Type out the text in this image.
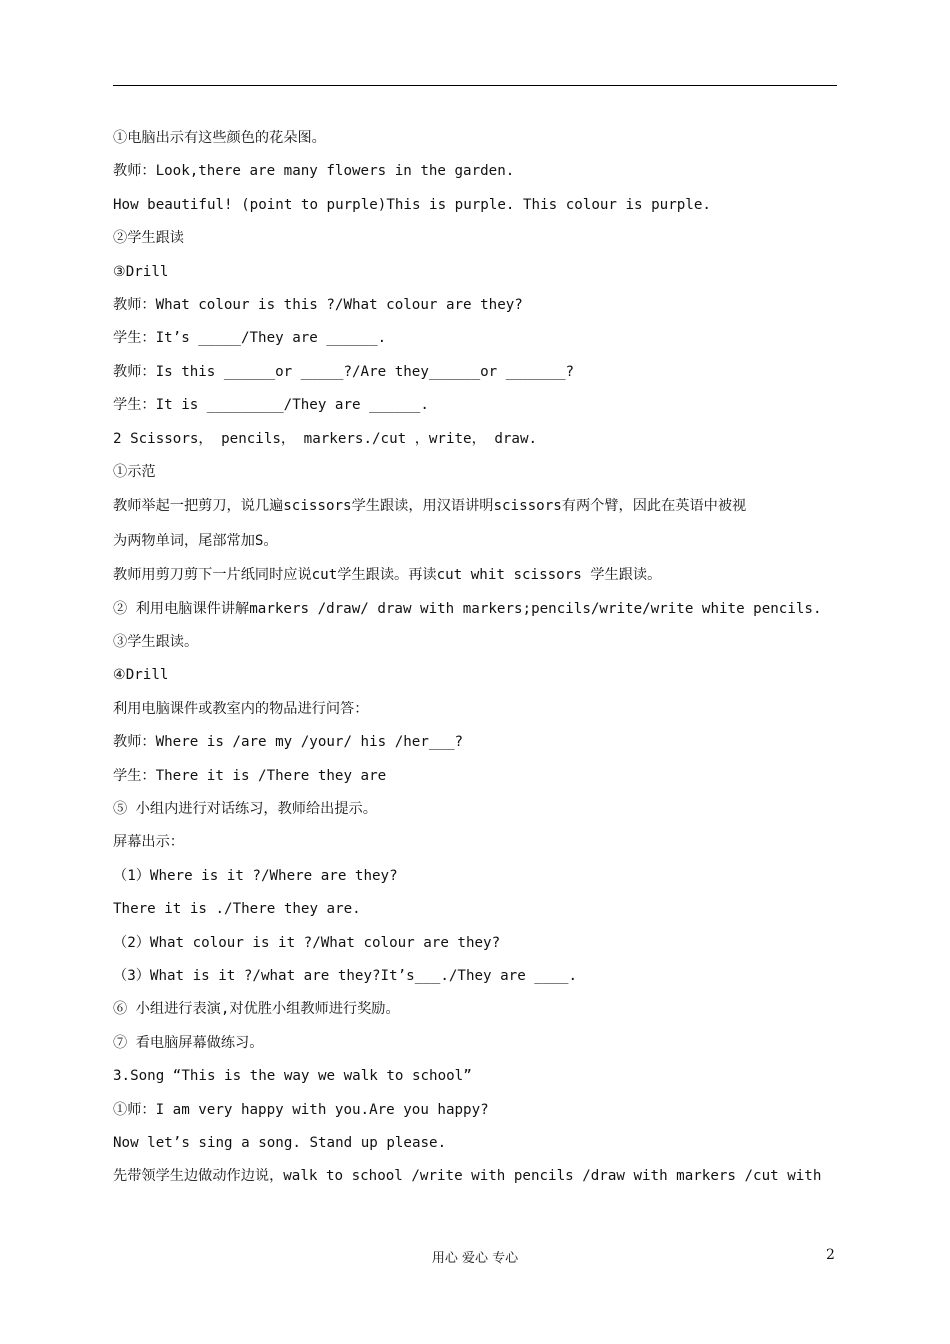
①电脑出示有这些颜色的花朵图。
教师：Look,there are many flowers in the garden.
How beautiful! (point to purple)This is purple. This colour is purple.
②学生跟读
③Drill
教师：What colour is this ?/What colour are they?
学生：It’s _____/They are ______.
教师：Is this ______or _____?/Are they______or _______?
学生：It is _________/They are ______.
2 Scissors， pencils， markers./cut ，write， draw.
①示范
教师举起一把剪刀，说几遍scissors学生跟读，用汉语讲明scissors有两个臂，因此在英语中被视
为两物单词，尾部常加S。
教师用剪刀剪下一片纸同时应说cut学生跟读。再读cut whit scissors 学生跟读。
② 利用电脑课件讲解markers /draw/ draw with markers;pencils/write/write white pencils.
③学生跟读。
④Drill
利用电脑课件或教室内的物品进行问答：
教师：Where is /are my /your/ his /her___?
学生：There it is /There they are
⑤ 小组内进行对话练习，教师给出提示。
屏幕出示：
（1）Where is it ?/Where are they?
There it is ./There they are.
（2）What colour is it ?/What colour are they?
（3）What is it ?/what are they?It’s___./They are ____.
⑥ 小组进行表演,对优胜小组教师进行奖励。
⑦ 看电脑屏幕做练习。
3.Song “This is the way we walk to school”
①师：I am very happy with you.Are you happy?
Now let’s sing a song. Stand up please.
先带领学生边做动作边说，walk to school /write with pencils /draw with markers /cut with
用心 爱心 专心	2
